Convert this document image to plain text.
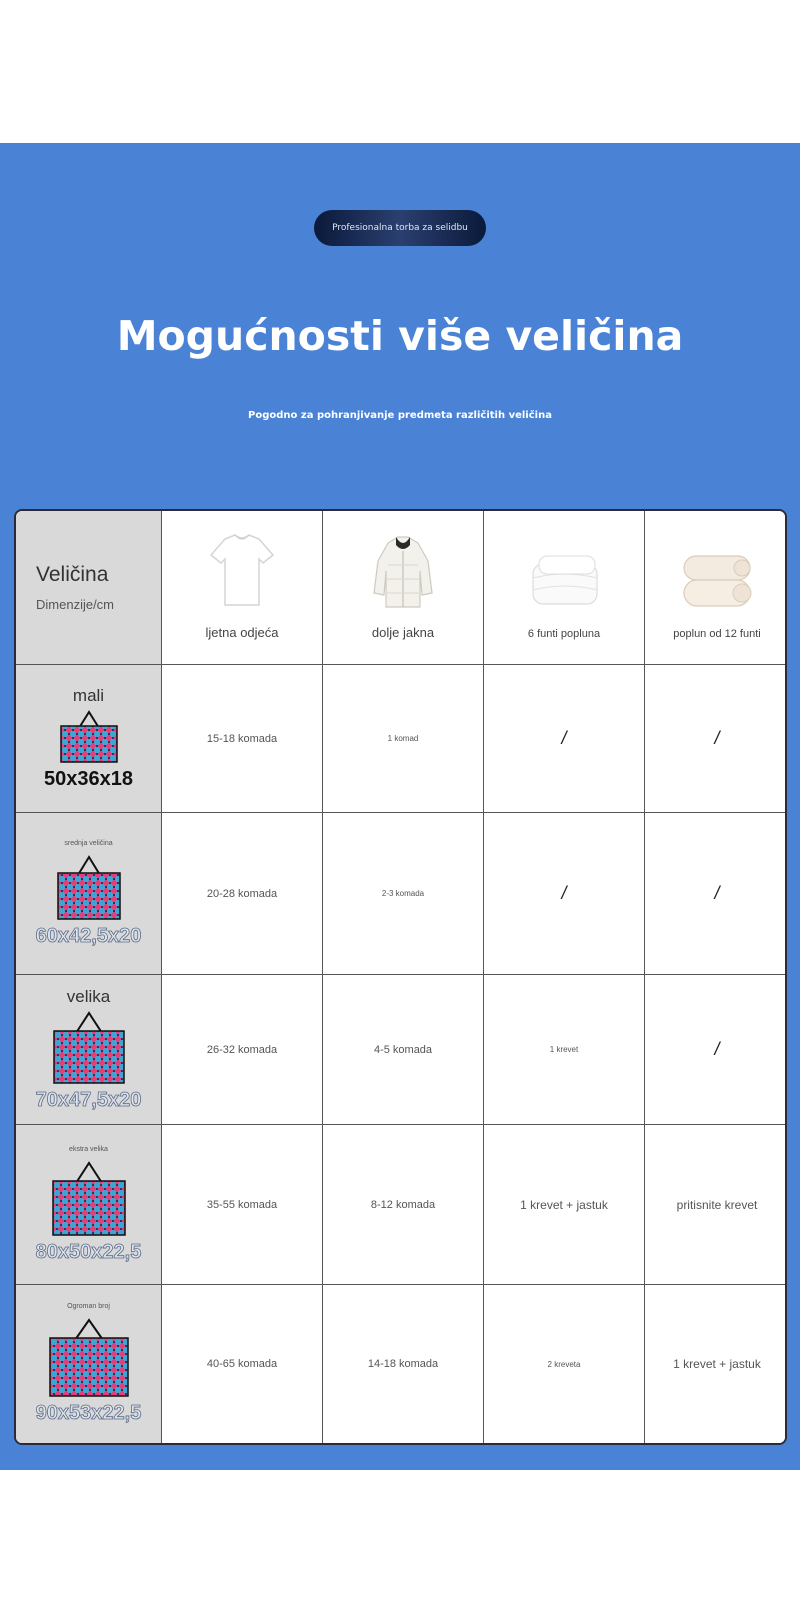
Profesionalna torba za selidbu
Mogućnosti više veličina
Pogodno za pohranjivanje predmeta različitih veličina
Veličina
Dimenzije/cm
ljetna odjeća	dolje jakna	6 funti popluna	poplun od 12 funti
mali
50x36x18
15-18 komada	1 komad	/	/
srednja veličina
60x42,5x20
20-28 komada	2-3 komada	/	/
velika
70x47,5x20
26-32 komada	4-5 komada	1 krevet	/
ekstra velika
80x50x22,5
35-55 komada	8-12 komada	1 krevet + jastuk	pritisnite krevet
Ogroman broj
90x53x22,5
40-65 komada	14-18 komada	2 kreveta	1 krevet + jastuk
